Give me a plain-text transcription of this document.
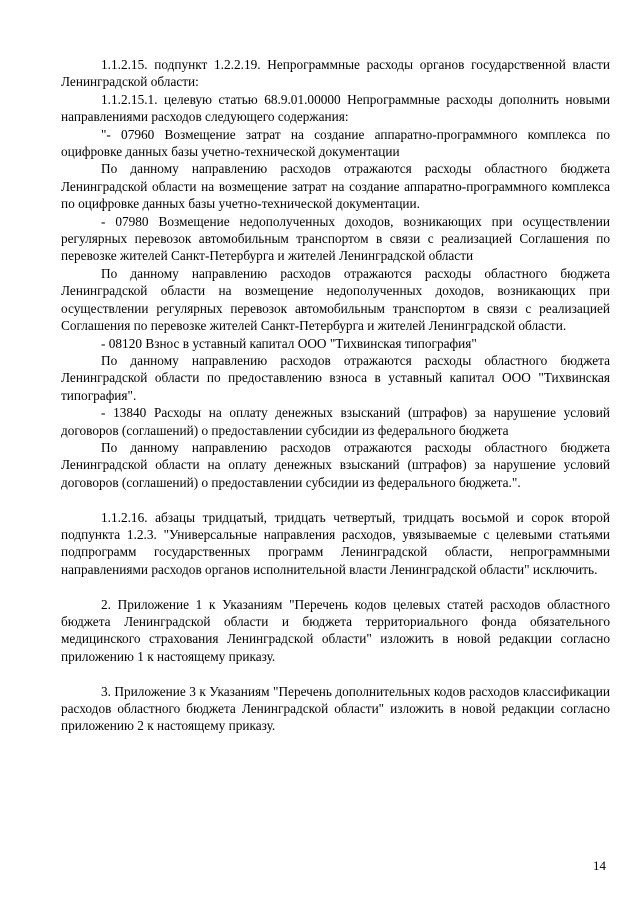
1.1.2.15. подпункт 1.2.2.19. Непрограммные расходы органов государственной власти Ленинградской области:

1.1.2.15.1. целевую статью 68.9.01.00000 Непрограммные расходы дополнить новыми направлениями расходов следующего содержания:

"- 07960 Возмещение затрат на создание аппаратно-программного комплекса по оцифровке данных базы учетно-технической документации

По данному направлению расходов отражаются расходы областного бюджета Ленинградской области на возмещение затрат на создание аппаратно-программного комплекса по оцифровке данных базы учетно-технической документации.

- 07980 Возмещение недополученных доходов, возникающих при осуществлении регулярных перевозок автомобильным транспортом в связи с реализацией Соглашения по перевозке жителей Санкт-Петербурга и жителей Ленинградской области

По данному направлению расходов отражаются расходы областного бюджета Ленинградской области на возмещение недополученных доходов, возникающих при осуществлении регулярных перевозок автомобильным транспортом в связи с реализацией Соглашения по перевозке жителей Санкт-Петербурга и жителей Ленинградской области.

- 08120 Взнос в уставный капитал ООО "Тихвинская типография"

По данному направлению расходов отражаются расходы областного бюджета Ленинградской области по предоставлению взноса в уставный капитал ООО "Тихвинская типография".

- 13840 Расходы на оплату денежных взысканий (штрафов) за нарушение условий договоров (соглашений) о предоставлении субсидии из федерального бюджета

По данному направлению расходов отражаются расходы областного бюджета Ленинградской области на оплату денежных взысканий (штрафов) за нарушение условий договоров (соглашений) о предоставлении субсидии из федерального бюджета.".

1.1.2.16. абзацы тридцатый, тридцать четвертый, тридцать восьмой и сорок второй подпункта 1.2.3. "Универсальные направления расходов, увязываемые с целевыми статьями подпрограмм государственных программ Ленинградской области, непрограммными направлениями расходов органов исполнительной власти Ленинградской области" исключить.

2. Приложение 1 к Указаниям "Перечень кодов целевых статей расходов областного бюджета Ленинградской области и бюджета территориального фонда обязательного медицинского страхования Ленинградской области" изложить в новой редакции согласно приложению 1 к настоящему приказу.

3. Приложение 3 к Указаниям "Перечень дополнительных кодов расходов классификации расходов областного бюджета Ленинградской области" изложить в новой редакции согласно приложению 2 к настоящему приказу.

14
